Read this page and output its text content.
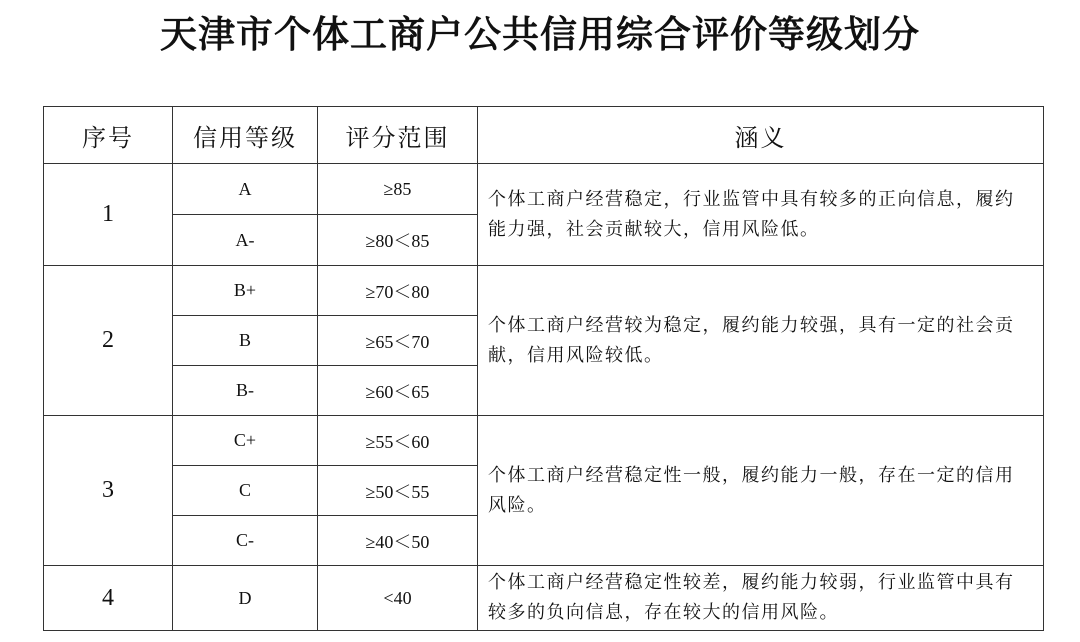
天津市个体工商户公共信用综合评价等级划分
序号	信用等级	评分范围	涵义
1	A	≥85	个体工商户经营稳定，行业监管中具有较多的正向信息，履约能力强，社会贡献较大，信用风险低。
	A-	≥80＜85	
2	B+	≥70＜80	个体工商户经营较为稳定，履约能力较强，具有一定的社会贡献，信用风险较低。
	B	≥65＜70	
	B-	≥60＜65	
3	C+	≥55＜60	个体工商户经营稳定性一般，履约能力一般，存在一定的信用风险。
	C	≥50＜55	
	C-	≥40＜50	
4	D	<40	个体工商户经营稳定性较差，履约能力较弱，行业监管中具有较多的负向信息，存在较大的信用风险。
